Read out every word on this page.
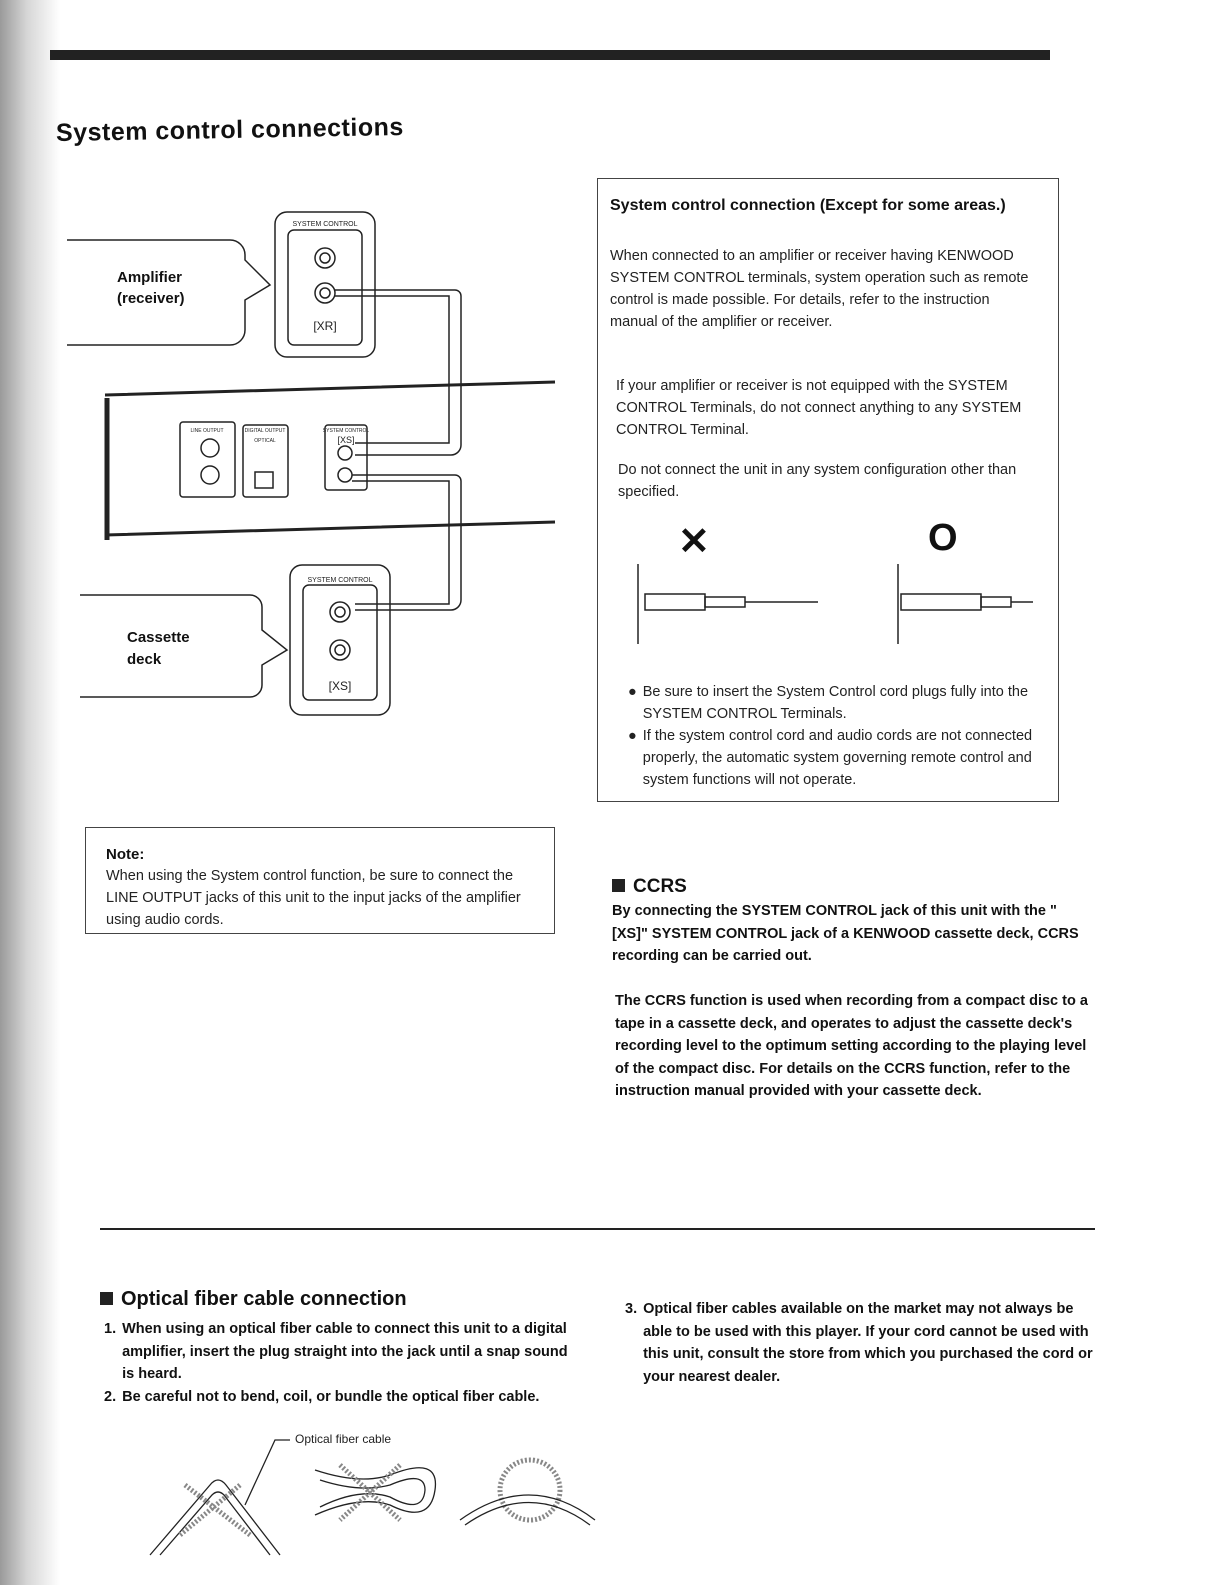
System control connections
Amplifier
(receiver)
Cassette
deck
SYSTEM CONTROL
[XR]
LINE OUTPUT	DIGITAL OUTPUT
OPTICAL
SYSTEM CONTROL
[XS]
SYSTEM CONTROL
[XS]
System control connection (Except for some areas.)
When connected to an amplifier or receiver having KENWOOD SYSTEM CONTROL terminals, system operation such as remote control is made possible. For details, refer to the instruction manual of the amplifier or receiver.
If your amplifier or receiver is not equipped with the SYSTEM CONTROL Terminals, do not connect anything to any SYSTEM CONTROL Terminal.
Do not connect the unit in any system configuration other than specified.
✕	O
● Be sure to insert the System Control cord plugs fully into the SYSTEM CONTROL Terminals.
● If the system control cord and audio cords are not connected properly, the automatic system governing remote control and system functions will not operate.
Note:
When using the System control function, be sure to connect the LINE OUTPUT jacks of this unit to the input jacks of the amplifier using audio cords.
CCRS
By connecting the SYSTEM CONTROL jack of this unit with the "[XS]" SYSTEM CONTROL jack of a KENWOOD cassette deck, CCRS recording can be carried out.
The CCRS function is used when recording from a compact disc to a tape in a cassette deck, and operates to adjust the cassette deck's recording level to the optimum setting according to the playing level of the compact disc. For details on the CCRS function, refer to the instruction manual provided with your cassette deck.
Optical fiber cable connection
1. When using an optical fiber cable to connect this unit to a digital amplifier, insert the plug straight into the jack until a snap sound is heard.
2. Be careful not to bend, coil, or bundle the optical fiber cable.
3. Optical fiber cables available on the market may not always be able to be used with this player. If your cord cannot be used with this unit, consult the store from which you purchased the cord or your nearest dealer.
Optical fiber cable
